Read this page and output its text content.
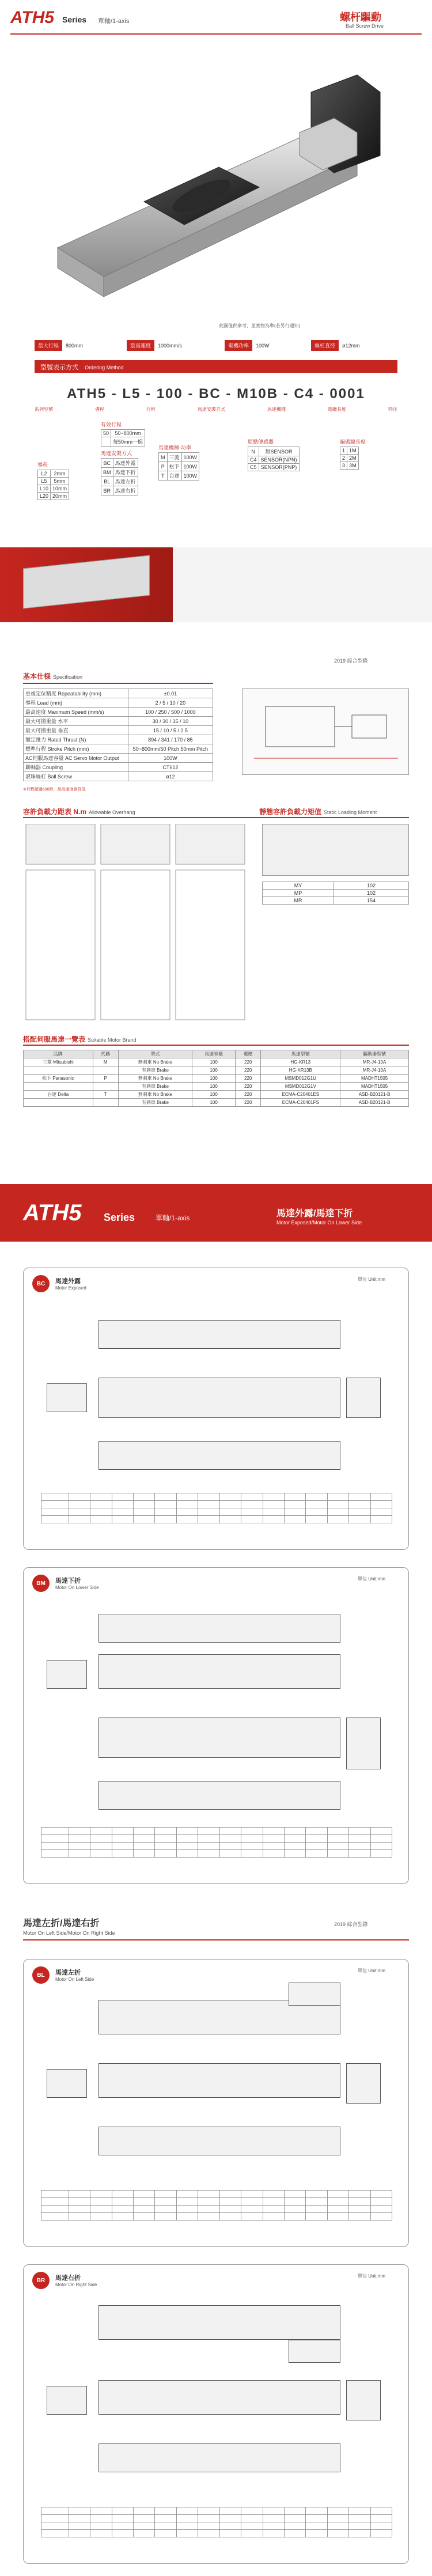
ATH5 Series 單軸/1-axis	螺杆驅動
Ball Screw Drive
此圖僅供參考，並實物為準(若另行通知)
最大行程	800mm	最高速度	1000mm/s	電機功率	100W	絲杠直徑	ø12mm
型號表示方式 Ordering Method
ATH5 - L5 - 100 - BC - M10B - C4 - 0001
系列型號	導程	行程	馬達安裝方式	馬達機種	電纜長度	特注
導程
L2	2mm
L5	5mm
L10	10mm
L20	20mm
有效行程
50	50~800mm
	每50mm一檔
馬達安裝方式
BC	馬達外露
BM	馬達下折
BL	馬達左折
BR	馬達右折
馬達機種-功率
M	三菱	100W
P	松下	100W
T	台達	100W
原點傳感器
N	無SENSOR
C4	SENSOR(NPN)
C5	SENSOR(PNP)
編碼線長度
1	1M
2	2M
3	3M
2019 綜合型錄
基本仕様 Specification
重複定位精度 Repeatability (mm)	±0.01
導程 Lead (mm)	2 / 5 / 10 / 20
最高速度 Maximum Speed (mm/s)	100 / 250 / 500 / 1000
最大可搬重量 水平	30 / 30 / 15 / 10
最大可搬重量 垂直	15 / 10 / 5 / 2.5
額定推力 Rated Thrust (N)	894 / 341 / 170 / 85
標準行程 Stroke Pitch (mm)	50~800mm/50 Pitch 50mm Pitch
AC伺服馬達容量 AC Servo Motor Output	100W
聯軸器 Coupling	CT612
滾珠絲杠 Ball Screw	ø12
※行程超過600時，最高速度會降低
容許負載力距表 N.m Allowable Overhang	靜態容許負載力矩值 Static Loading Moment
MY	102
MP	102
MR	154
搭配伺服馬達一覽表 Suitable Motor Brand
品牌	代碼	型式	馬達容量	電壓	馬達型號	驅動器型號
三菱 Mitsubishi	M	無剎車 No Brake	100	220	HG-KR13	MR-J4-10A
		有剎車 Brake	100	220	HG-KR13B	MR-J4-10A
松下 Panasonic	P	無剎車 No Brake	100	220	MSMD012G1U	MADHT1505
		有剎車 Brake	100	220	MSMD012G1V	MADHT1505
台達 Delta	T	無剎車 No Brake	100	220	ECMA-C20401ES	ASD-B20121-B
		有剎車 Brake	100	220	ECMA-C20401FS	ASD-B20121-B
ATH5 Series	單軸/1-axis	馬達外露/馬達下折
Motor Exposed/Motor On Lower Side
BC	馬達外露
Motor Exposed
單位 Unit:mm

BM	馬達下折
Motor On Lower Side
單位 Unit:mm

馬達左折/馬達右折
Motor On Left Side/Motor On Right Side
2019 綜合型錄
BL	馬達左折
Motor On Left Side
單位 Unit:mm

BR	馬達右折
Motor On Right Side
單位 Unit:mm
